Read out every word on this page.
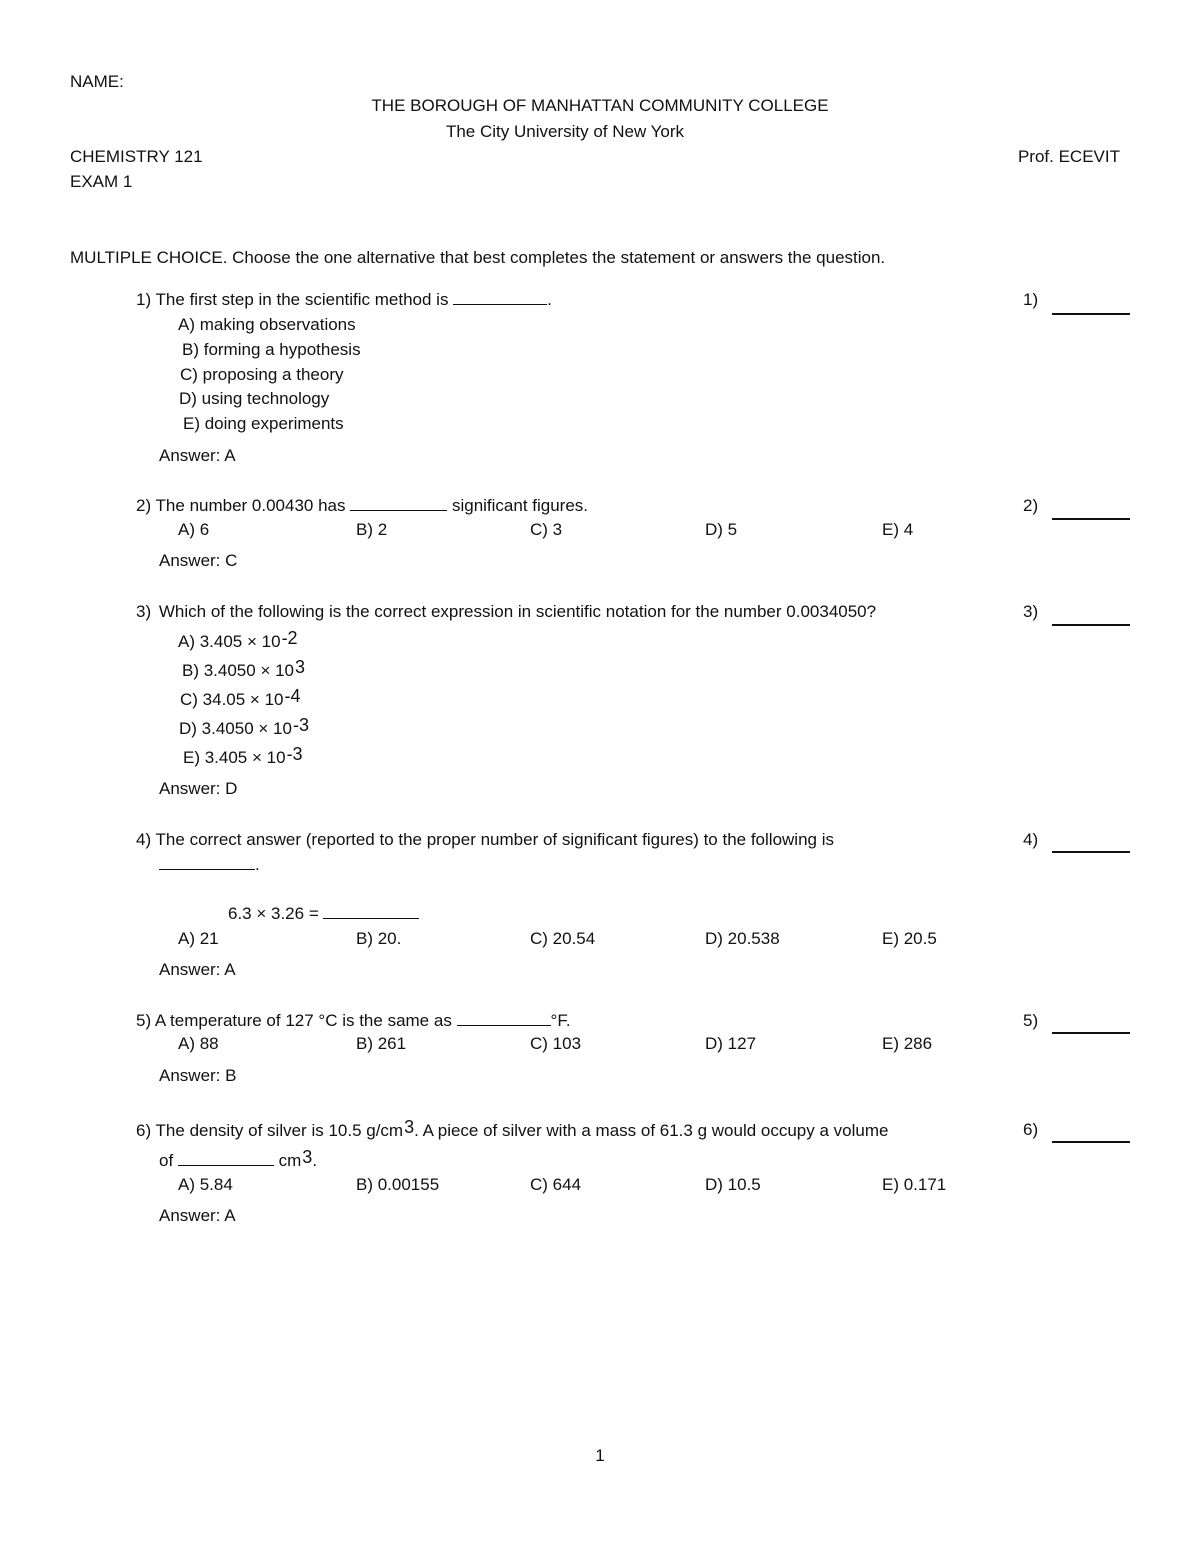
NAME:
THE BOROUGH OF MANHATTAN COMMUNITY COLLEGE
The City University of New York
CHEMISTRY 121	Prof. ECEVIT
EXAM 1
MULTIPLE CHOICE. Choose the one alternative that best completes the statement or answers the question.
1) The first step in the scientific method is	.	1)
A) making observations
B) forming a hypothesis
C) proposing a theory
D) using technology
E) doing experiments
Answer: A
2) The number 0.00430 has	significant figures.	2)
A) 6	B) 2	C) 3	D) 5	E) 4
Answer: C
3) Which of the following is the correct expression in scientific notation for the number 0.0034050?	3)
A) $3.405 \times 10^{-2}$
B) $3.4050 \times 10^3$
C) $34.05 \times 10^{-4}$
D) $3.4050 \times 10^{-3}$
E) $3.405 \times 10^{-3}$
Answer: D
4) The correct answer (reported to the proper number of significant figures) to the following is
.
4)
6.3 × 3.26 =
A) 21	B) 20.	C) 20.54	D) 20.538	E) 20.5
Answer: A
5) A temperature of 127 °C is the same as	°F.	5)
A) 88	B) 261	C) 103	D) 127	E) 286
Answer: B
6) The density of silver is 10.5 $g/cm^3$. A piece of silver with a mass of 61.3 g would occupy a volume
of	$cm^3$.
6)
A) 5.84	B) 0.00155	C) 644	D) 10.5	E) 0.171
Answer: A
1
